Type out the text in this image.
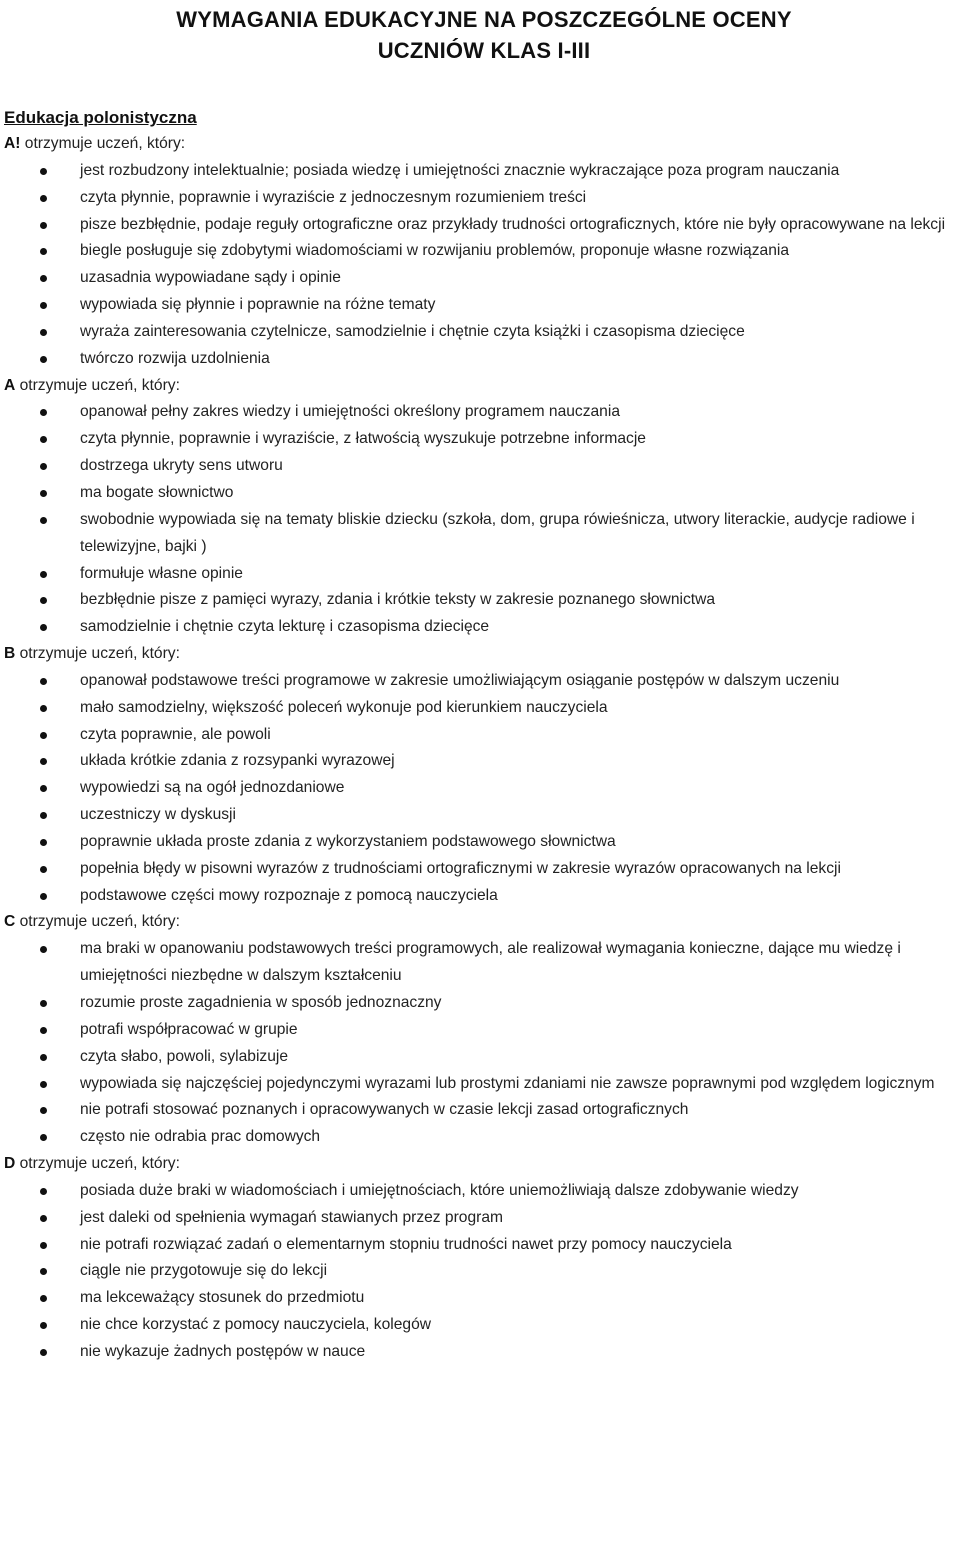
WYMAGANIA EDUKACYJNE NA POSZCZEGÓLNE OCENY
UCZNIÓW KLAS I-III
Edukacja polonistyczna
A! otrzymuje uczeń, który:
jest rozbudzony intelektualnie; posiada wiedzę i umiejętności znacznie wykraczające poza program nauczania
czyta płynnie, poprawnie i wyraziście z jednoczesnym rozumieniem treści
pisze bezbłędnie, podaje reguły ortograficzne oraz przykłady trudności ortograficznych, które nie były opracowywane na lekcji
biegle posługuje się zdobytymi wiadomościami w rozwijaniu problemów, proponuje własne rozwiązania
uzasadnia wypowiadane sądy i opinie
wypowiada się płynnie i poprawnie na różne tematy
wyraża zainteresowania czytelnicze, samodzielnie i chętnie czyta książki i czasopisma dziecięce
twórczo rozwija uzdolnienia
A otrzymuje uczeń, który:
opanował pełny zakres wiedzy i umiejętności określony programem nauczania
czyta płynnie, poprawnie i wyraziście, z łatwością wyszukuje potrzebne informacje
dostrzega ukryty sens utworu
ma bogate słownictwo
swobodnie wypowiada się na tematy bliskie dziecku (szkoła, dom, grupa rówieśnicza, utwory literackie, audycje radiowe i telewizyjne, bajki )
formułuje własne opinie
bezbłędnie pisze z pamięci wyrazy, zdania i krótkie teksty w zakresie poznanego słownictwa
samodzielnie i chętnie czyta lekturę i czasopisma dziecięce
B otrzymuje uczeń, który:
opanował podstawowe treści programowe w zakresie umożliwiającym osiąganie postępów w dalszym uczeniu
mało samodzielny, większość poleceń wykonuje pod kierunkiem nauczyciela
czyta poprawnie, ale powoli
układa krótkie zdania z rozsypanki wyrazowej
wypowiedzi są na ogół jednozdaniowe
uczestniczy w dyskusji
poprawnie układa proste zdania z wykorzystaniem podstawowego słownictwa
popełnia błędy w pisowni wyrazów z trudnościami ortograficznymi w zakresie wyrazów opracowanych na lekcji
podstawowe części mowy rozpoznaje z pomocą nauczyciela
C otrzymuje uczeń, który:
ma braki w opanowaniu podstawowych treści programowych, ale realizował wymagania konieczne, dające mu wiedzę i umiejętności niezbędne w dalszym kształceniu
rozumie proste zagadnienia w sposób jednoznaczny
potrafi współpracować w grupie
czyta słabo, powoli, sylabizuje
wypowiada się najczęściej pojedynczymi wyrazami lub prostymi zdaniami nie zawsze poprawnymi pod względem logicznym
nie potrafi stosować poznanych i opracowywanych w czasie lekcji zasad ortograficznych
często nie odrabia prac domowych
D otrzymuje uczeń, który:
posiada duże braki w wiadomościach i umiejętnościach, które uniemożliwiają dalsze zdobywanie wiedzy
jest daleki od spełnienia wymagań stawianych przez program
nie potrafi rozwiązać zadań o elementarnym stopniu trudności nawet przy pomocy nauczyciela
ciągle nie przygotowuje się do lekcji
ma lekceważący stosunek do przedmiotu
nie chce korzystać z pomocy nauczyciela, kolegów
nie wykazuje żadnych postępów w nauce
